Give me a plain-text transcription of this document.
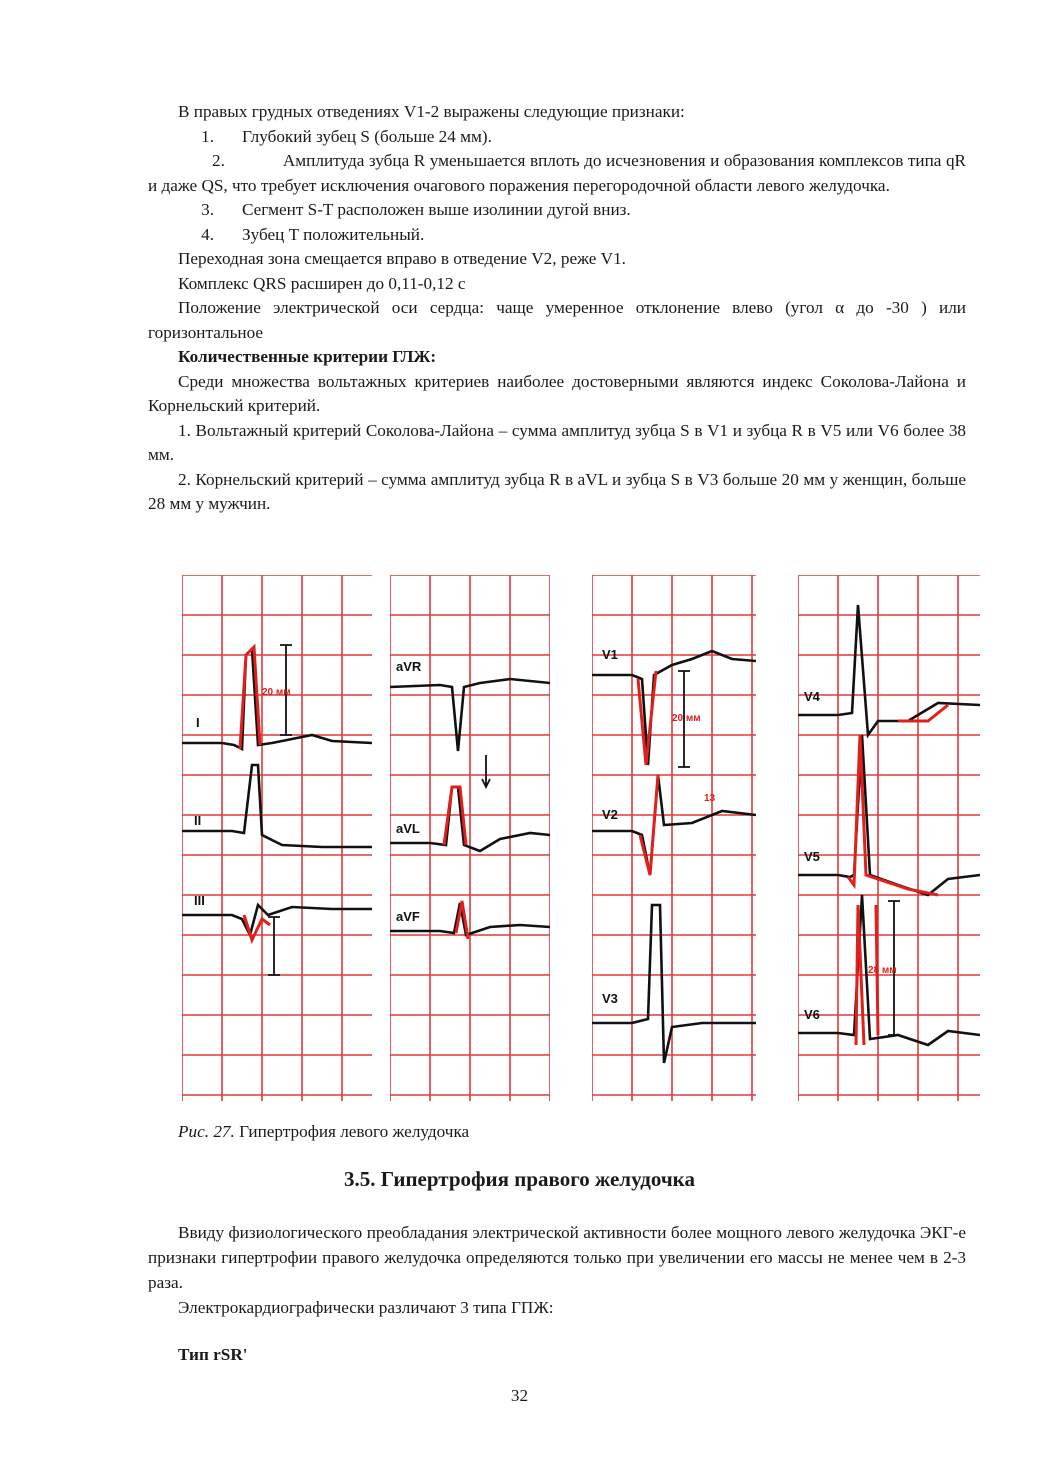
В правых грудных отведениях V1-2 выражены следующие признаки:

1.	Глубокий зубец S (больше 24 мм).

2.	Амплитуда зубца R уменьшается вплоть до исчезновения и образования комплексов типа qR и даже QS, что требует исключения очагового поражения перегородочной области левого желудочка.

3.	Сегмент S-T расположен выше изолинии дугой вниз.
4.	Зубец T положительный.

Переходная зона смещается вправо в отведение V2, реже V1.

Комплекс QRS расширен до 0,11-0,12 с

Положение электрической оси сердца: чаще умеренное отклонение влево (угол α до -30 ) или горизонтальное

Количественные критерии ГЛЖ:

Среди множества вольтажных критериев наиболее достоверными являются индекс Соколова-Лайона и Корнельский критерий.

1. Вольтажный критерий Соколова-Лайона – сумма амплитуд зубца S в V1 и зубца R в V5 или V6 более 38 мм.

2. Корнельский критерий – сумма амплитуд зубца R в aVL и зубца S в V3 больше 20 мм у женщин, больше 28 мм у мужчин.

20 мм
I
II
III
aVR
aVL
aVF
20 мм
13
V1
V2
V3
28 мм
V4
V5
V6
Рис. 27. Гипертрофия левого желудочка
3.5. Гипертрофия правого желудочка

Ввиду физиологического преобладания электрической активности более мощного левого желудочка ЭКГ-е признаки гипертрофии правого желудочка определяются только при увеличении его массы не менее чем в 2-3 раза.

Электрокардиографически различают 3 типа ГПЖ:

Тип rSR'
32
